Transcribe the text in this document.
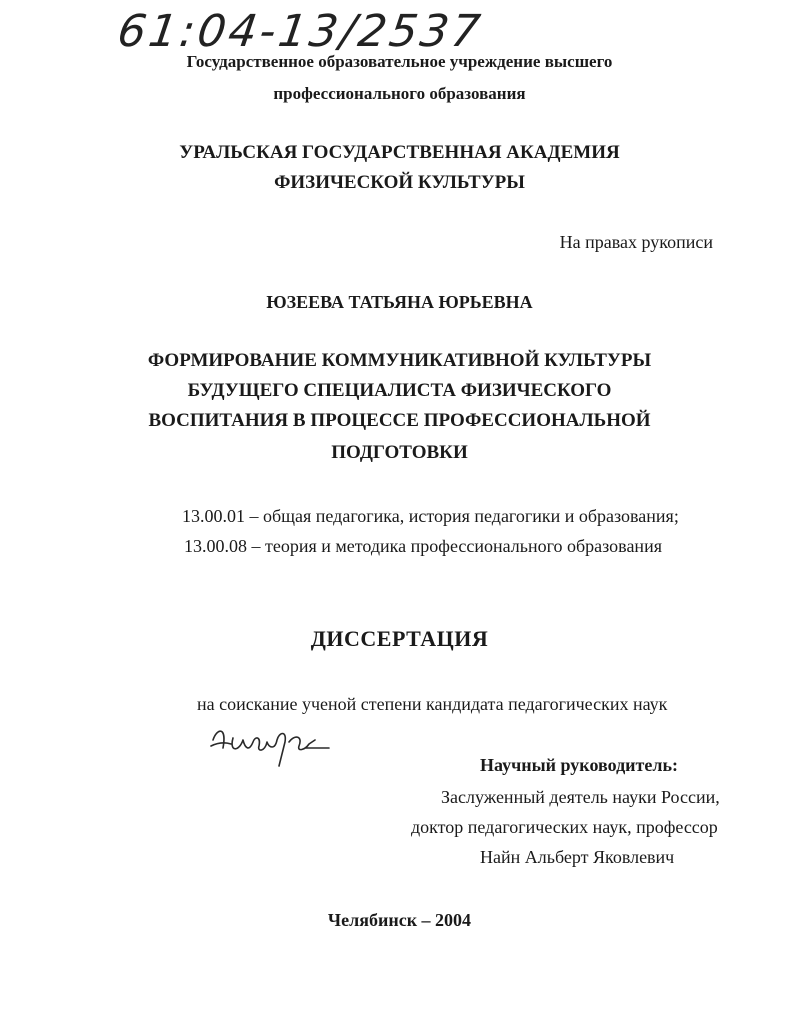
61:04-13/2537
Государственное образовательное учреждение высшего
профессионального образования
УРАЛЬСКАЯ ГОСУДАРСТВЕННАЯ АКАДЕМИЯ
ФИЗИЧЕСКОЙ КУЛЬТУРЫ
На правах рукописи
ЮЗЕЕВА ТАТЬЯНА ЮРЬЕВНА
ФОРМИРОВАНИЕ КОММУНИКАТИВНОЙ КУЛЬТУРЫ
БУДУЩЕГО СПЕЦИАЛИСТА ФИЗИЧЕСКОГО
ВОСПИТАНИЯ В ПРОЦЕССЕ ПРОФЕССИОНАЛЬНОЙ
ПОДГОТОВКИ
13.00.01 – общая педагогика, история педагогики и образования;
13.00.08 – теория и методика профессионального образования
ДИССЕРТАЦИЯ
на соискание ученой степени кандидата педагогических наук
Научный руководитель:
Заслуженный деятель науки России,
доктор педагогических наук, профессор
Найн Альберт Яковлевич
Челябинск – 2004
